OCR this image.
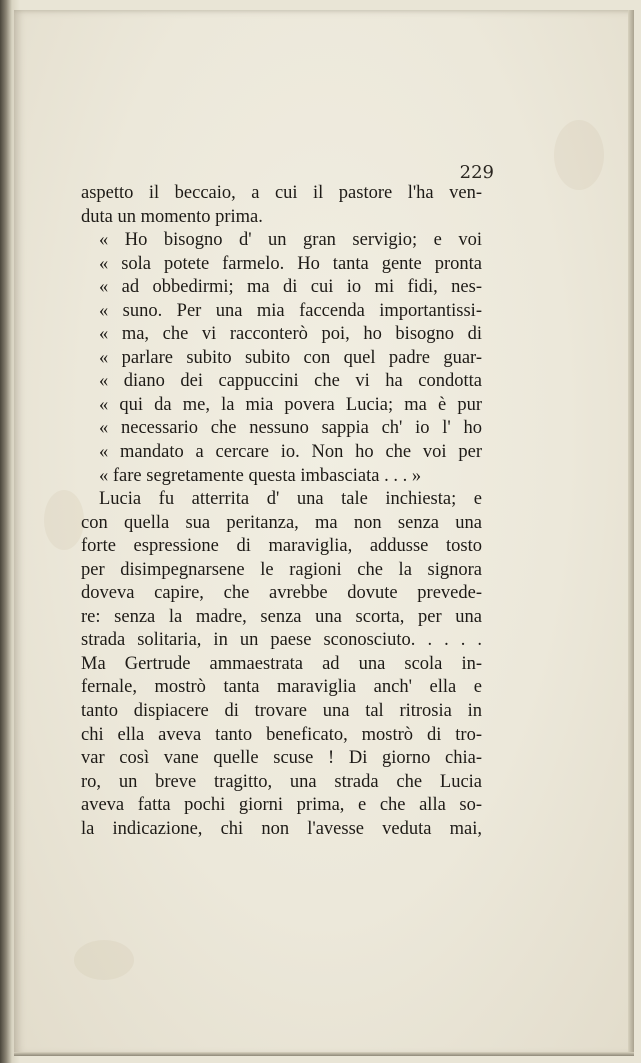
229
aspetto il beccaio, a cui il pastore l'ha ven-
duta un momento prima.
« Ho bisogno d' un gran servigio; e voi
« sola potete farmelo. Ho tanta gente pronta
« ad obbedirmi; ma di cui io mi fidi, nes-
« suno. Per una mia faccenda importantissi-
« ma, che vi racconterò poi, ho bisogno di
« parlare subito subito con quel padre guar-
« diano dei cappuccini che vi ha condotta
« qui da me, la mia povera Lucia; ma è pur
« necessario che nessuno sappia ch' io l' ho
« mandato a cercare io. Non ho che voi per
« fare segretamente questa imbasciata . . . »
Lucia fu atterrita d' una tale inchiesta; e
con quella sua peritanza, ma non senza una
forte espressione di maraviglia, addusse tosto
per disimpegnarsene le ragioni che la signora
doveva capire, che avrebbe dovute prevede-
re: senza la madre, senza una scorta, per una
strada solitaria, in un paese sconosciuto. . . . .
Ma Gertrude ammaestrata ad una scola in-
fernale, mostrò tanta maraviglia anch' ella e
tanto dispiacere di trovare una tal ritrosia in
chi ella aveva tanto beneficato, mostrò di tro-
var così vane quelle scuse ! Di giorno chia-
ro, un breve tragitto, una strada che Lucia
aveva fatta pochi giorni prima, e che alla so-
la indicazione, chi non l'avesse veduta mai,
